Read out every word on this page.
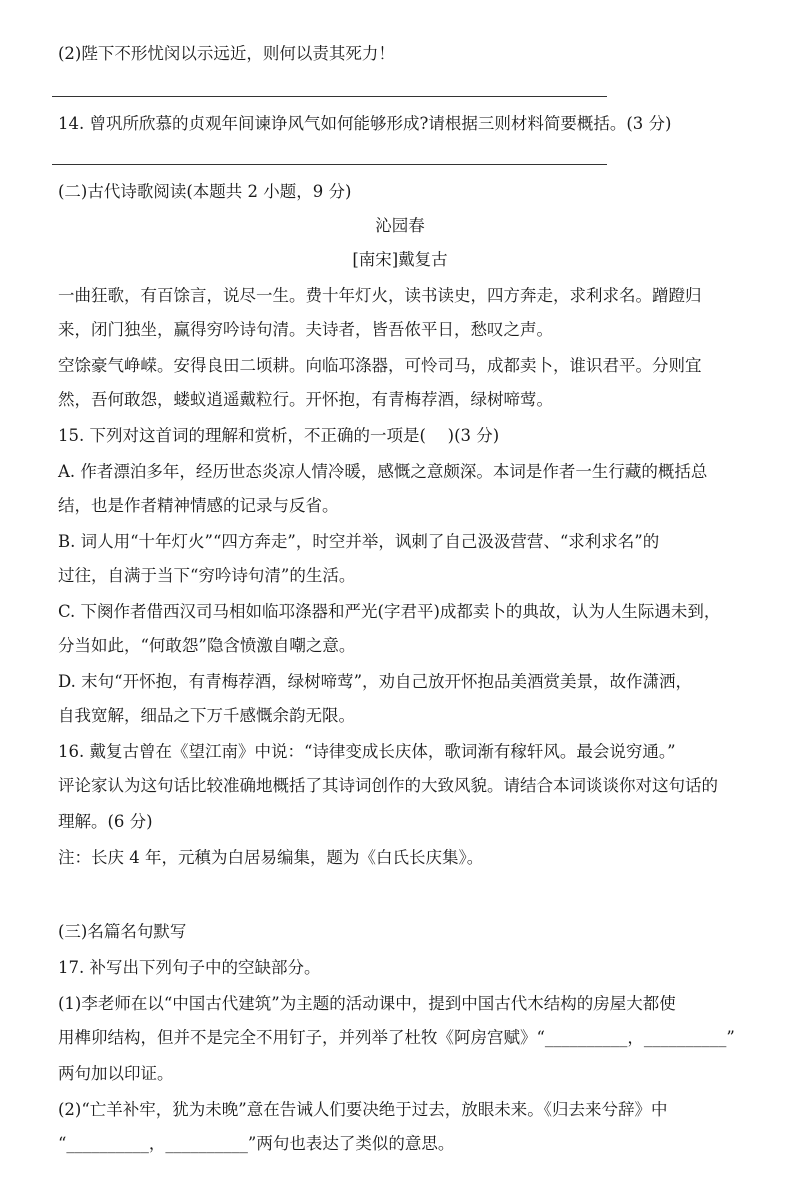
(2)陛下不形忧闵以示远近，则何以责其死力！
14. 曾巩所欣慕的贞观年间谏诤风气如何能够形成?请根据三则材料简要概括。(3 分)
(二)古代诗歌阅读(本题共 2 小题，9 分)
沁园春
[南宋]戴复古
一曲狂歌，有百馀言，说尽一生。费十年灯火，读书读史，四方奔走，求利求名。蹭蹬归
来，闭门独坐，赢得穷吟诗句清。夫诗者，皆吾侬平日，愁叹之声。
空馀豪气峥嵘。安得良田二顷耕。向临邛涤器，可怜司马，成都卖卜，谁识君平。分则宜
然，吾何敢怨，蝼蚁逍遥戴粒行。开怀抱，有青梅荐酒，绿树啼莺。
15. 下列对这首词的理解和赏析，不正确的一项是(　 )(3 分)
A. 作者漂泊多年，经历世态炎凉人情冷暖，感慨之意颇深。本词是作者一生行藏的概括总
结，也是作者精神情感的记录与反省。
B. 词人用“十年灯火”“四方奔走”，时空并举，讽刺了自己汲汲营营、“求利求名”的
过往，自满于当下“穷吟诗句清”的生活。
C. 下阕作者借西汉司马相如临邛涤器和严光(字君平)成都卖卜的典故，认为人生际遇未到，
分当如此，“何敢怨”隐含愤激自嘲之意。
D. 末句“开怀抱，有青梅荐酒，绿树啼莺”，劝自己放开怀抱品美酒赏美景，故作潇洒，
自我宽解，细品之下万千感慨余韵无限。
16. 戴复古曾在《望江南》中说：“诗律变成长庆体，歌词渐有稼轩风。最会说穷通。”
评论家认为这句话比较准确地概括了其诗词创作的大致风貌。请结合本词谈谈你对这句话的
理解。(6 分)
注：长庆 4 年，元稹为白居易编集，题为《白氏长庆集》。
(三)名篇名句默写
17. 补写出下列句子中的空缺部分。
(1)李老师在以“中国古代建筑”为主题的活动课中，提到中国古代木结构的房屋大都使
用榫卯结构，但并不是完全不用钉子，并列举了杜牧《阿房宫赋》“__________，__________”
两句加以印证。
(2)“亡羊补牢，犹为未晚”意在告诫人们要决绝于过去，放眼未来。《归去来兮辞》中
“__________，__________”两句也表达了类似的意思。
